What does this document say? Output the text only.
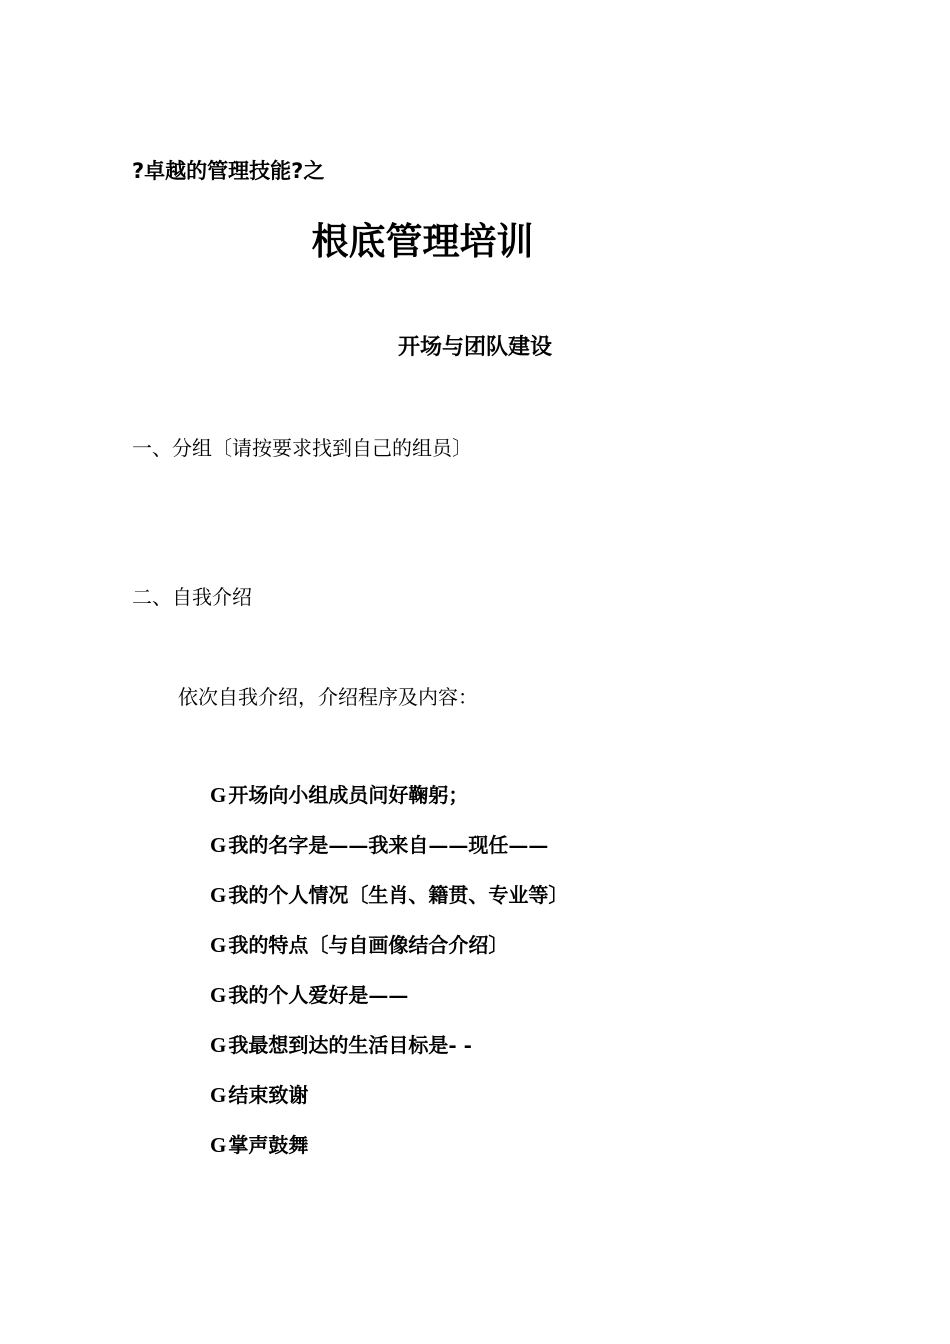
?卓越的管理技能?之
根底管理培训
开场与团队建设
一、分组〔请按要求找到自己的组员〕
二、自我介绍
依次自我介绍，介绍程序及内容：
G 开场向小组成员问好鞠躬；
G 我的名字是——我来自——现任——
G 我的个人情况〔生肖、籍贯、专业等〕
G 我的特点〔与自画像结合介绍〕
G 我的个人爱好是——
G 我最想到达的生活目标是- -
G 结束致谢
G 掌声鼓舞
